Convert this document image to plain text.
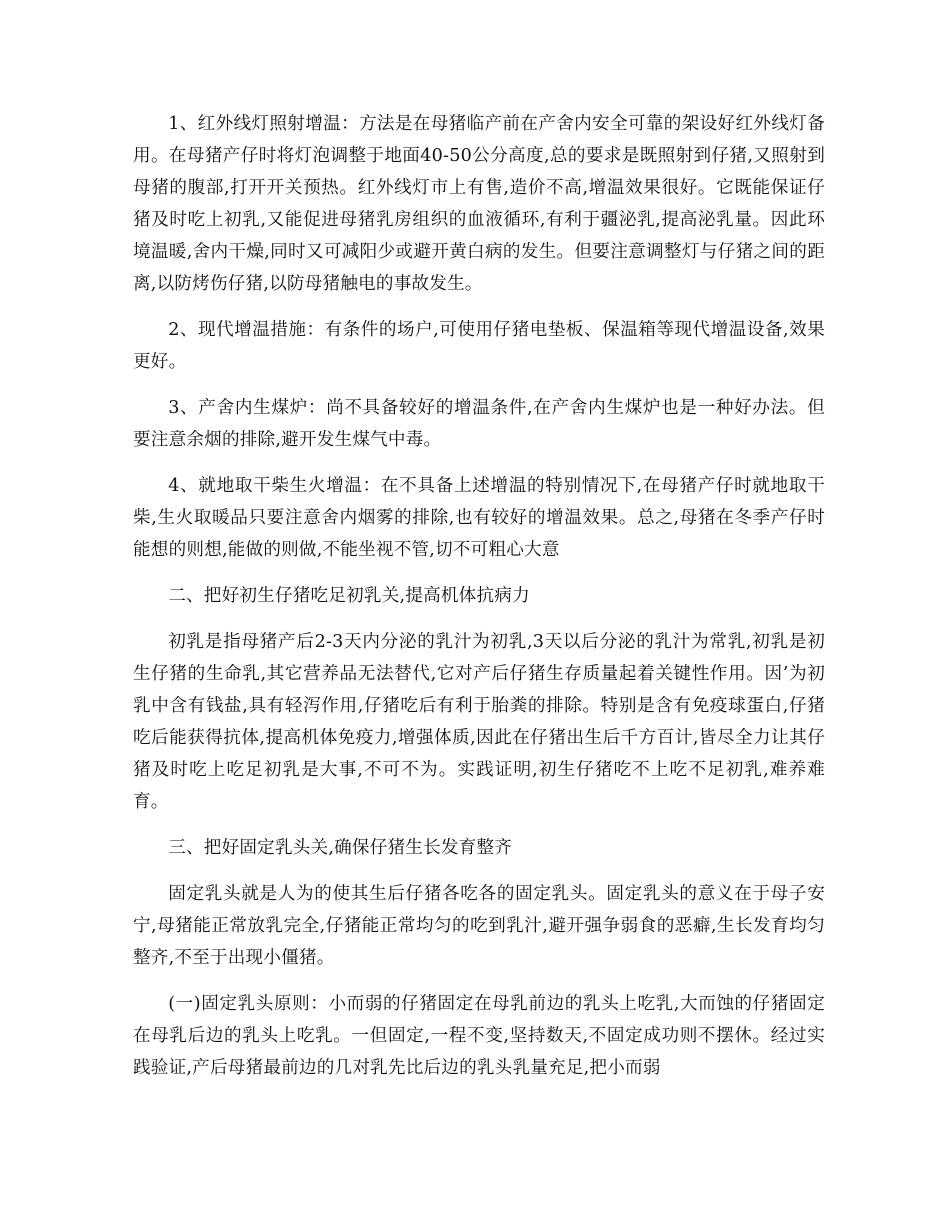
1、红外线灯照射增温：方法是在母猪临产前在产舍内安全可靠的架设好红外线灯备用。在母猪产仔时将灯泡调整于地面40-50公分高度,总的要求是既照射到仔猪,又照射到母猪的腹部,打开开关预热。红外线灯市上有售,造价不高,增温效果很好。它既能保证仔猪及时吃上初乳,又能促进母猪乳房组织的血液循环,有利于疆泌乳,提高泌乳量。因此环境温暖,舍内干燥,同时又可减阳少或避开黄白病的发生。但要注意调整灯与仔猪之间的距离,以防烤伤仔猪,以防母猪触电的事故发生。

2、现代增温措施：有条件的场户,可使用仔猪电垫板、保温箱等现代增温设备,效果更好。

3、产舍内生煤炉：尚不具备较好的增温条件,在产舍内生煤炉也是一种好办法。但要注意余烟的排除,避开发生煤气中毒。

4、就地取干柴生火增温：在不具备上述增温的特别情况下,在母猪产仔时就地取干柴,生火取暖品只要注意舍内烟雾的排除,也有较好的增温效果。总之,母猪在冬季产仔时能想的则想,能做的则做,不能坐视不管,切不可粗心大意

二、把好初生仔猪吃足初乳关,提高机体抗病力

初乳是指母猪产后2-3天内分泌的乳汁为初乳,3天以后分泌的乳汁为常乳,初乳是初生仔猪的生命乳,其它营养品无法替代,它对产后仔猪生存质量起着关键性作用。因’为初乳中含有钱盐,具有轻泻作用,仔猪吃后有利于胎粪的排除。特别是含有免疫球蛋白,仔猪吃后能获得抗体,提高机体免疫力,增强体质,因此在仔猪出生后千方百计,皆尽全力让其仔猪及时吃上吃足初乳是大事,不可不为。实践证明,初生仔猪吃不上吃不足初乳,难养难育。

三、把好固定乳头关,确保仔猪生长发育整齐

固定乳头就是人为的使其生后仔猪各吃各的固定乳头。固定乳头的意义在于母子安宁,母猪能正常放乳完全,仔猪能正常均匀的吃到乳汁,避开强争弱食的恶癖,生长发育均匀整齐,不至于出现小僵猪。

(一)固定乳头原则：小而弱的仔猪固定在母乳前边的乳头上吃乳,大而蚀的仔猪固定在母乳后边的乳头上吃乳。一但固定,一程不变,坚持数天,不固定成功则不摆休。经过实践验证,产后母猪最前边的几对乳先比后边的乳头乳量充足,把小而弱
